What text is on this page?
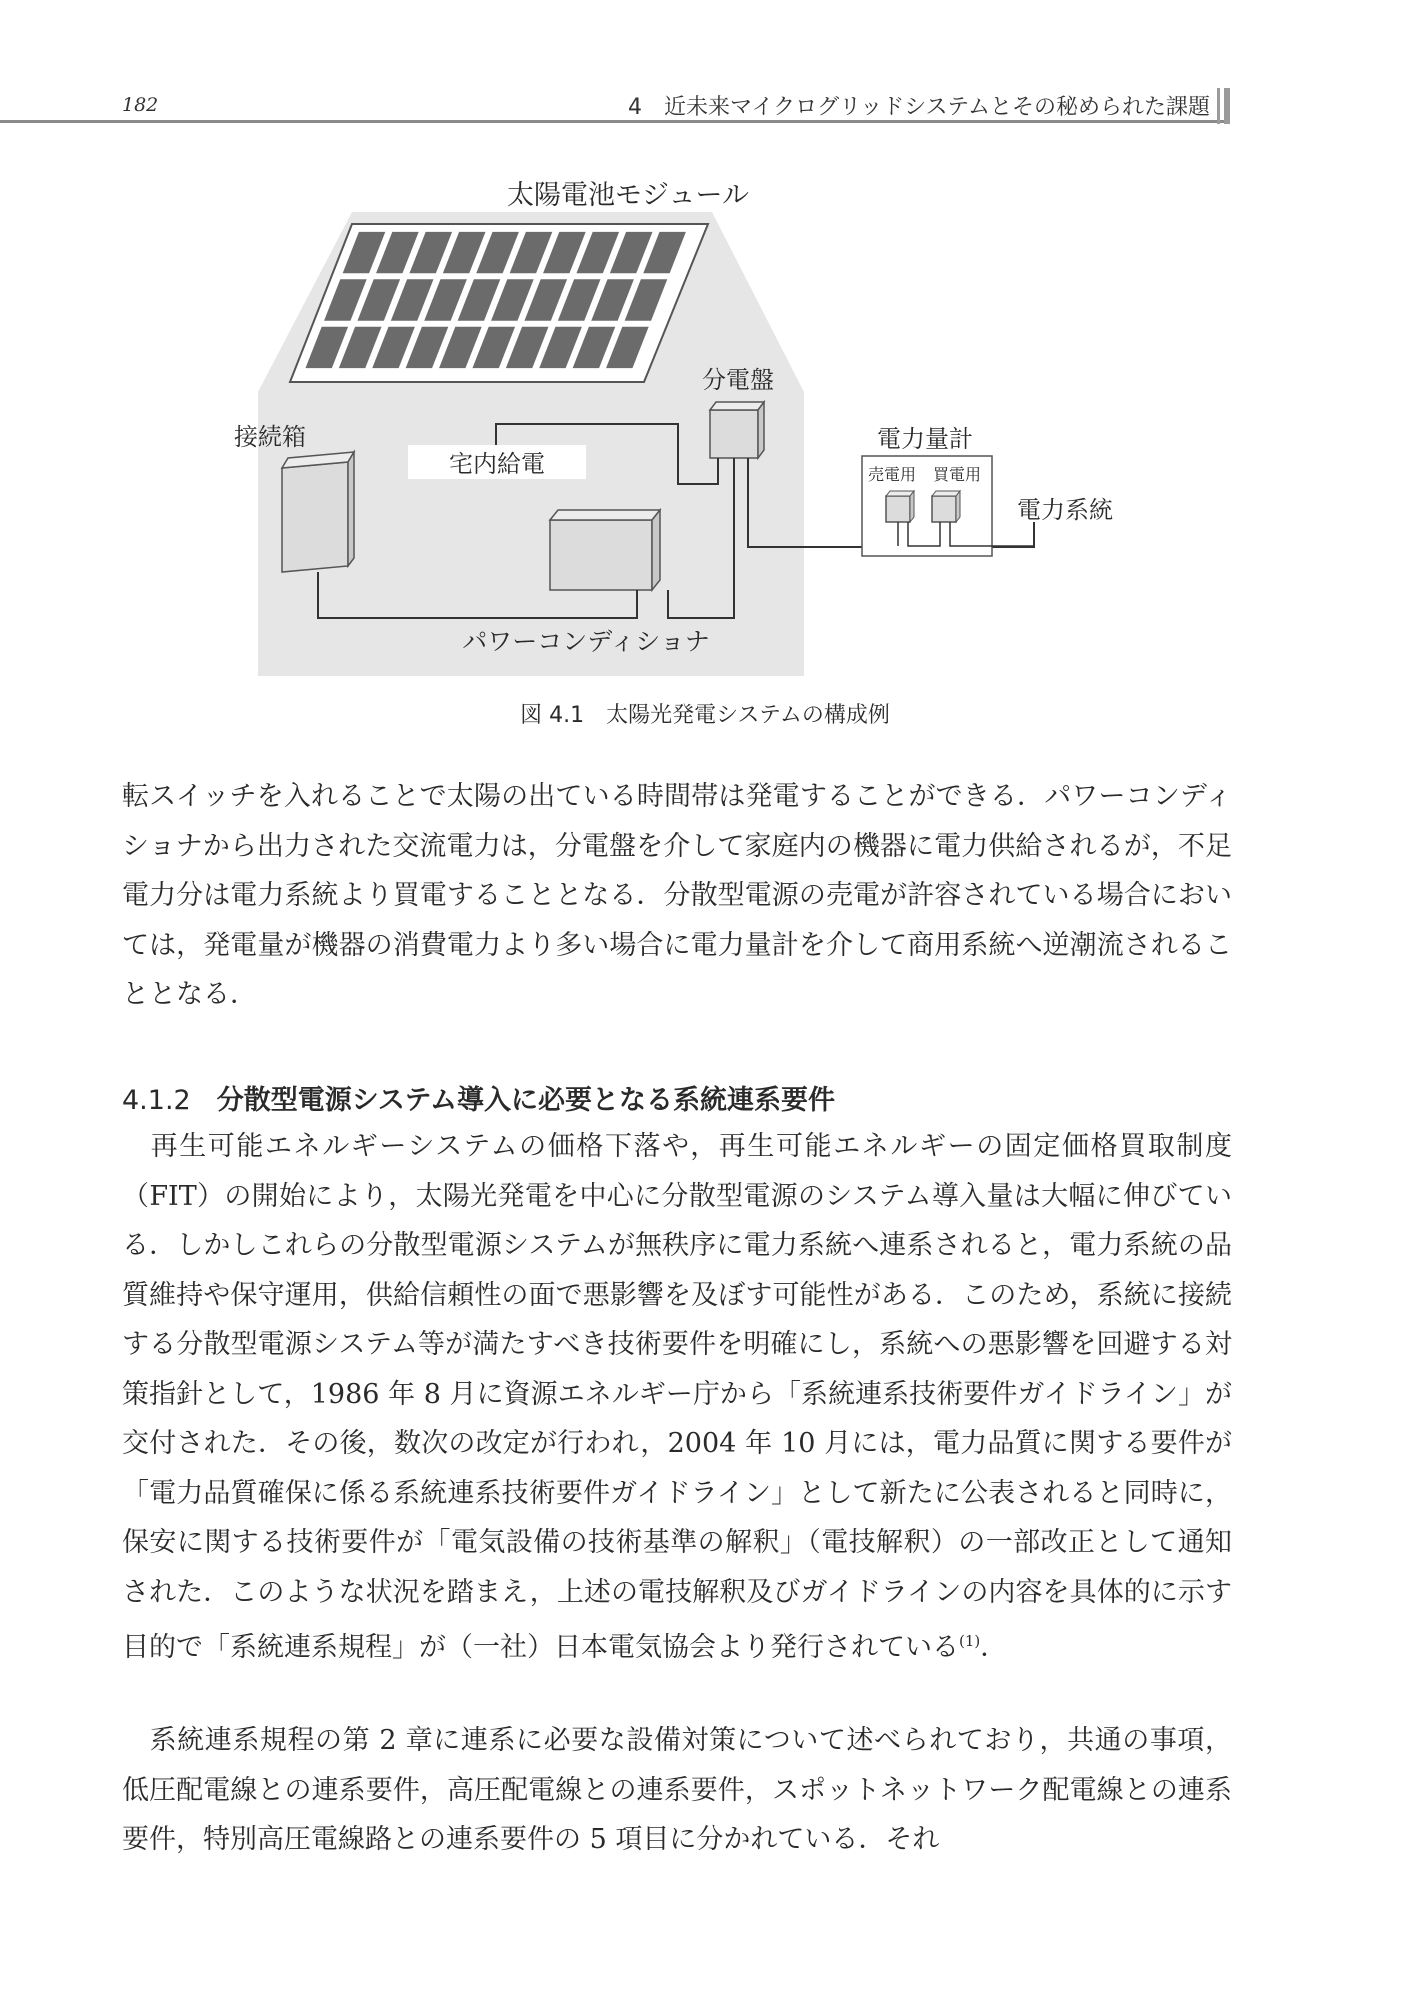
182	4　近未来マイクログリッドシステムとその秘められた課題
太陽電池モジュール
接続箱
宅内給電
分電盤
電力量計
売電用 買電用
電力系統
パワーコンディショナ
図 4.1 太陽光発電システムの構成例
転スイッチを入れることで太陽の出ている時間帯は発電することができる．パワーコンディショナから出力された交流電力は，分電盤を介して家庭内の機器に電力供給されるが，不足電力分は電力系統より買電することとなる．分散型電源の売電が許容されている場合においては，発電量が機器の消費電力より多い場合に電力量計を介して商用系統へ逆潮流されることとなる．
4.1.2 分散型電源システム導入に必要となる系統連系要件
再生可能エネルギーシステムの価格下落や，再生可能エネルギーの固定価格買取制度（FIT）の開始により，太陽光発電を中心に分散型電源のシステム導入量は大幅に伸びている．しかしこれらの分散型電源システムが無秩序に電力系統へ連系されると，電力系統の品質維持や保守運用，供給信頼性の面で悪影響を及ぼす可能性がある．このため，系統に接続する分散型電源システム等が満たすべき技術要件を明確にし，系統への悪影響を回避する対策指針として，1986 年 8 月に資源エネルギー庁から「系統連系技術要件ガイドライン」が交付された．その後，数次の改定が行われ，2004 年 10 月には，電力品質に関する要件が「電力品質確保に係る系統連系技術要件ガイドライン」として新たに公表されると同時に，保安に関する技術要件が「電気設備の技術基準の解釈」（電技解釈）の一部改正として通知された．このような状況を踏まえ，上述の電技解釈及びガイドラインの内容を具体的に示す目的で「系統連系規程」が（一社）日本電気協会より発行されている$^{(1)}$．
系統連系規程の第 2 章に連系に必要な設備対策について述べられており，共通の事項，低圧配電線との連系要件，高圧配電線との連系要件，スポットネットワーク配電線との連系要件，特別高圧電線路との連系要件の 5 項目に分かれている．それ
